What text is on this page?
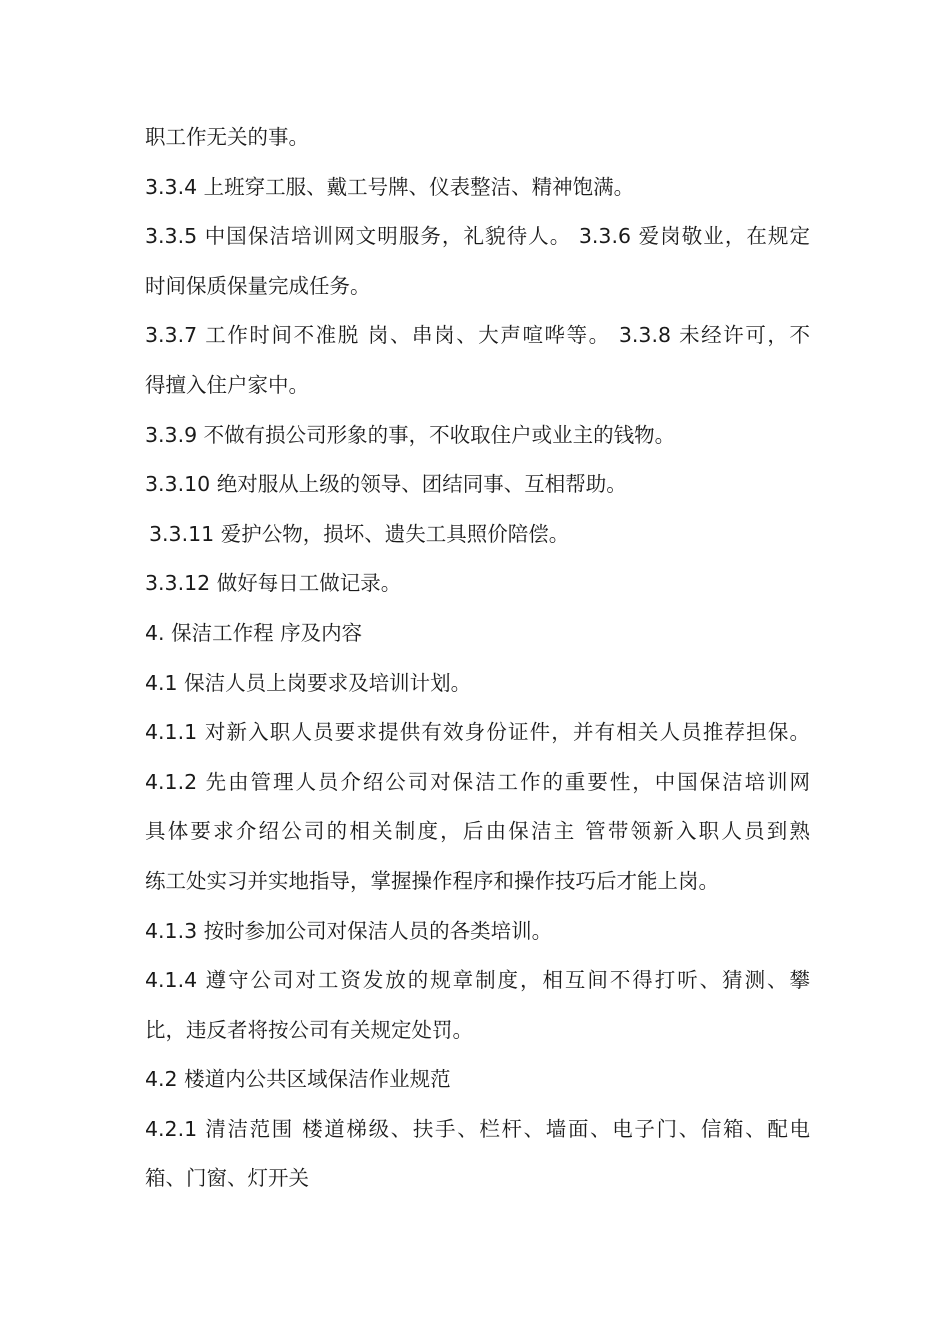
职工作无关的事。
3.3.4 上班穿工服、戴工号牌、仪表整洁、精神饱满。
3.3.5 中国保洁培训网文明服务，礼貌待人。 3.3.6 爱岗敬业，在规定
时间保质保量完成任务。
3.3.7 工作时间不准脱 岗、串岗、大声喧哗等。 3.3.8 未经许可，不
得擅入住户家中。
3.3.9 不做有损公司形象的事，不收取住户或业主的钱物。
3.3.10 绝对服从上级的领导、团结同事、互相帮助。
3.3.11 爱护公物，损坏、遗失工具照价陪偿。
3.3.12 做好每日工做记录。
4. 保洁工作程 序及内容
4.1 保洁人员上岗要求及培训计划。
4.1.1 对新入职人员要求提供有效身份证件，并有相关人员推荐担保。
4.1.2 先由管理人员介绍公司对保洁工作的重要性，中国保洁培训网
具体要求介绍公司的相关制度，后由保洁主 管带领新入职人员到熟
练工处实习并实地指导，掌握操作程序和操作技巧后才能上岗。
4.1.3 按时参加公司对保洁人员的各类培训。
4.1.4 遵守公司对工资发放的规章制度，相互间不得打听、猜测、攀
比，违反者将按公司有关规定处罚。
4.2 楼道内公共区域保洁作业规范
4.2.1 清洁范围 楼道梯级、扶手、栏杆、墙面、电子门、信箱、配电
箱、门窗、灯开关
